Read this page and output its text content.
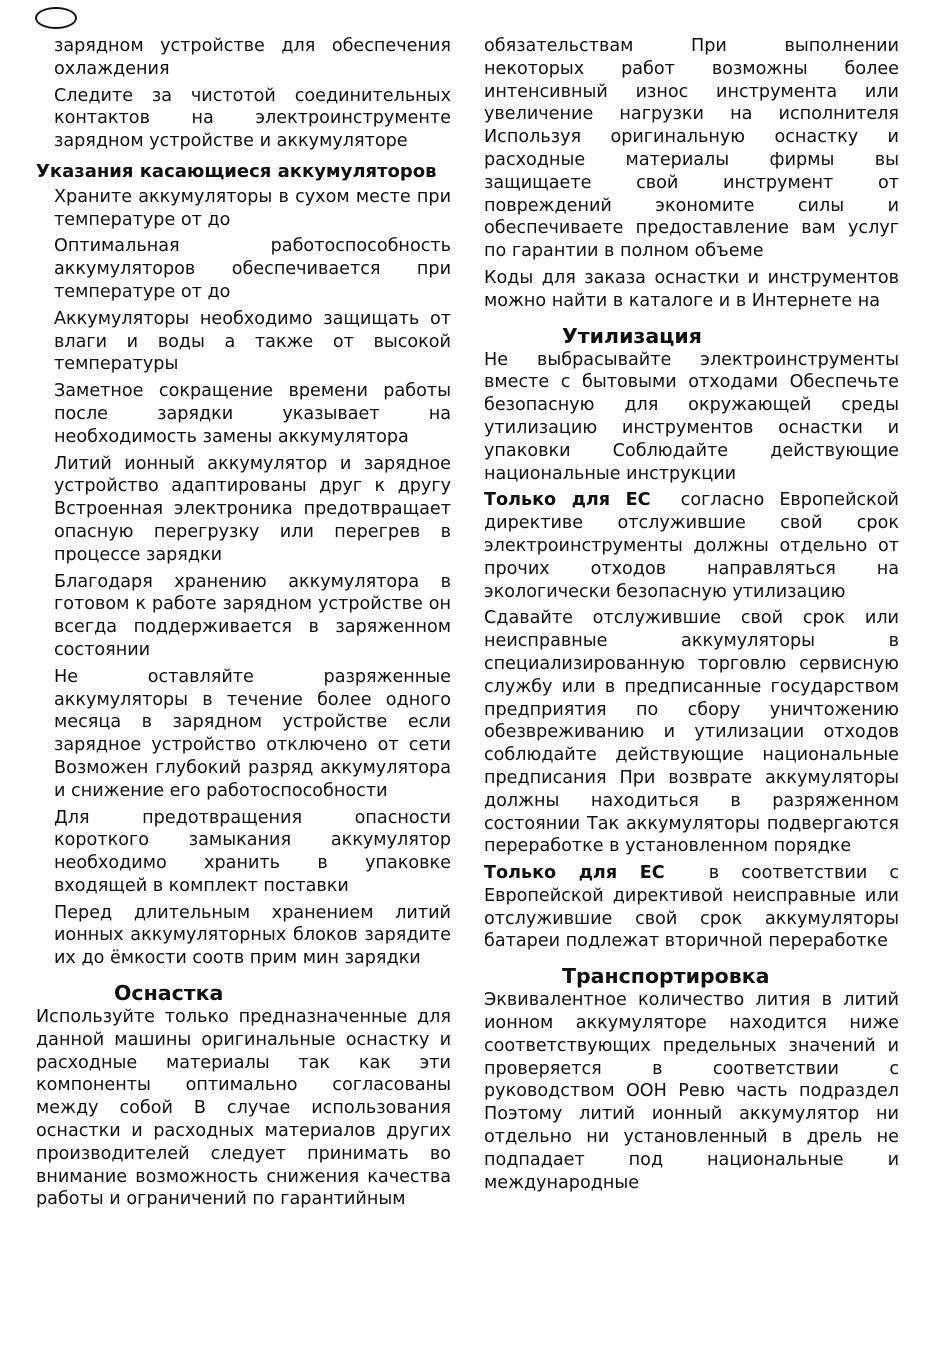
зарядном устройстве для обеспечения охлаждения

Следите за чистотой соединительных контактов на электроинструменте зарядном устройстве и аккумуляторе

Указания касающиеся аккумуляторов

Храните аккумуляторы в сухом месте при температуре от до

Оптимальная работоспособность аккумуляторов обеспечивается при температуре от до

Аккумуляторы необходимо защищать от влаги и воды а также от высокой температуры

Заметное сокращение времени работы после зарядки указывает на необходимость замены аккумулятора

Литий ионный аккумулятор и зарядное устройство адаптированы друг к другу Встроенная электроника предотвращает опасную перегрузку или перегрев в процессе зарядки

Благодаря хранению аккумулятора в готовом к работе зарядном устройстве он всегда поддерживается в заряженном состоянии

Не оставляйте разряженные аккумуляторы в течение более одного месяца в зарядном устройстве если зарядное устройство отключено от сети Возможен глубокий разряд аккумулятора и снижение его работоспособности

Для предотвращения опасности короткого замыкания аккумулятор необходимо хранить в упаковке входящей в комплект поставки

Перед длительным хранением литий ионных аккумуляторных блоков зарядите их до ёмкости соотв прим мин зарядки

Оснастка

Используйте только предназначенные для данной машины оригинальные оснастку и расходные материалы так как эти компоненты оптимально согласованы между собой В случае использования оснастки и расходных материалов других производителей следует принимать во внимание возможность снижения качества работы и ограничений по гарантийным

обязательствам При выполнении некоторых работ возможны более интенсивный износ инструмента или увеличение нагрузки на исполнителя Используя оригинальную оснастку и расходные материалы фирмы вы защищаете свой инструмент от повреждений экономите силы и обеспечиваете предоставление вам услуг по гарантии в полном объеме

Коды для заказа оснастки и инструментов можно найти в каталоге и в Интернете на

Утилизация

Не выбрасывайте электроинструменты вместе с бытовыми отходами Обеспечьте безопасную для окружающей среды утилизацию инструментов оснастки и упаковки Соблюдайте действующие национальные инструкции

Только для ЕС согласно Европейской директиве отслужившие свой срок электроинструменты должны отдельно от прочих отходов направляться на экологически безопасную утилизацию

Сдавайте отслужившие свой срок или неисправные аккумуляторы в специализированную торговлю сервисную службу или в предписанные государством предприятия по сбору уничтожению обезвреживанию и утилизации отходов соблюдайте действующие национальные предписания При возврате аккумуляторы должны находиться в разряженном состоянии Так аккумуляторы подвергаются переработке в установленном порядке

Только для ЕС	в соответствии с Европейской директивой неисправные или отслужившие свой срок аккумуляторы батареи подлежат вторичной переработке

Транспортировка

Эквивалентное количество лития в литий ионном аккумуляторе находится ниже соответствующих предельных значений и проверяется в соответствии с руководством ООН Ревю часть подраздел Поэтому литий ионный аккумулятор ни отдельно ни установленный в дрель не подпадает под национальные и международные
